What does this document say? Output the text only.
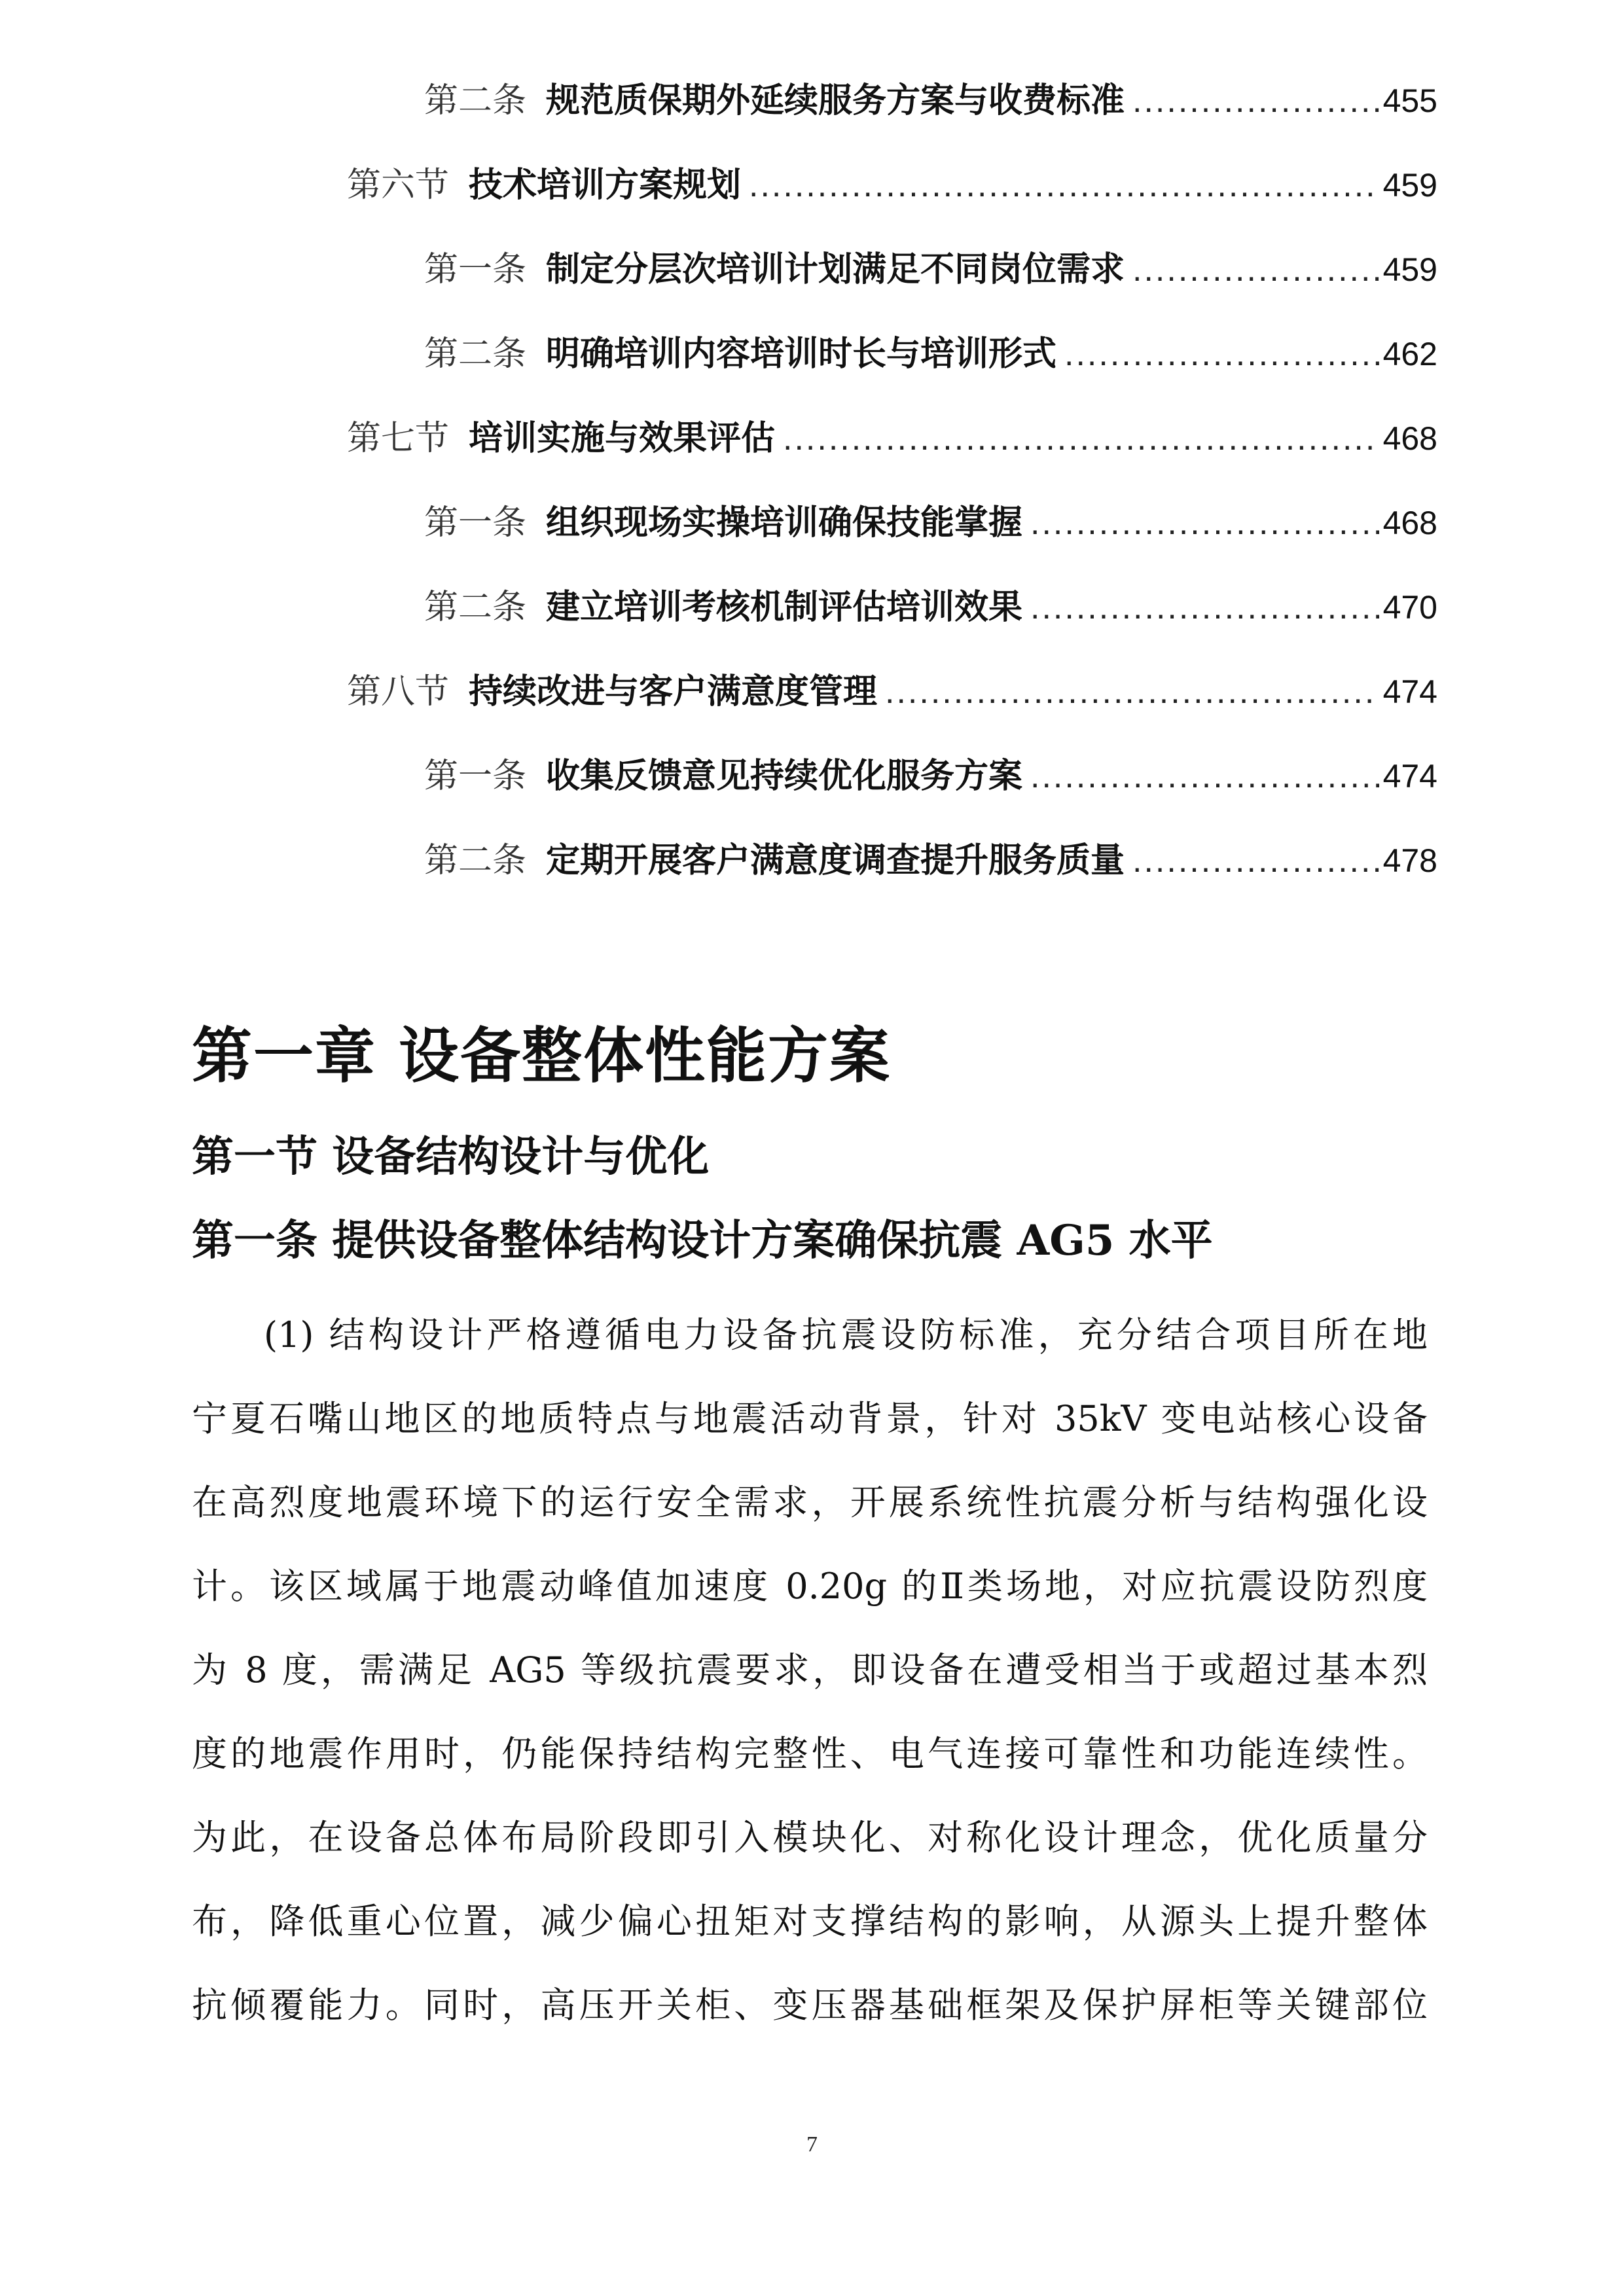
第二条 规范质保期外延续服务方案与收费标准 .....	455
第六节 技术培训方案规划 .....	459
第一条 制定分层次培训计划满足不同岗位需求 .....	459
第二条 明确培训内容培训时长与培训形式 .....	462
第七节 培训实施与效果评估 .....	468
第一条 组织现场实操培训确保技能掌握 .....	468
第二条 建立培训考核机制评估培训效果 .....	470
第八节 持续改进与客户满意度管理 .....	474
第一条 收集反馈意见持续优化服务方案 .....	474
第二条 定期开展客户满意度调查提升服务质量 .....	478
第一章 设备整体性能方案
第一节 设备结构设计与优化
第一条 提供设备整体结构设计方案确保抗震 AG5 水平
(1) 结构设计严格遵循电力设备抗震设防标准，充分结合项目所在地
宁夏石嘴山地区的地质特点与地震活动背景，针对 35kV 变电站核心设备
在高烈度地震环境下的运行安全需求，开展系统性抗震分析与结构强化设
计。该区域属于地震动峰值加速度 0.20g 的Ⅱ类场地，对应抗震设防烈度
为 8 度，需满足 AG5 等级抗震要求，即设备在遭受相当于或超过基本烈
度的地震作用时，仍能保持结构完整性、电气连接可靠性和功能连续性。
为此，在设备总体布局阶段即引入模块化、对称化设计理念，优化质量分
布，降低重心位置，减少偏心扭矩对支撑结构的影响，从源头上提升整体
抗倾覆能力。同时，高压开关柜、变压器基础框架及保护屏柜等关键部位
7
